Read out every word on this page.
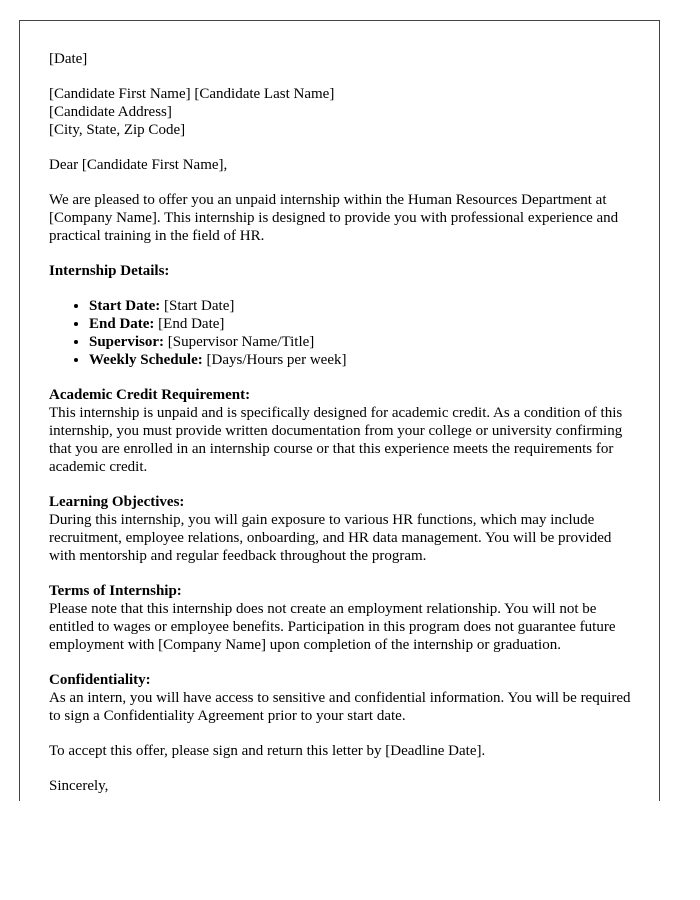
[Date]

[Candidate First Name] [Candidate Last Name]
[Candidate Address]
[City, State, Zip Code]

Dear [Candidate First Name],

We are pleased to offer you an unpaid internship within the Human Resources Department at [Company Name]. This internship is designed to provide you with professional experience and practical training in the field of HR.

Internship Details:

• Start Date: [Start Date]
• End Date: [End Date]
• Supervisor: [Supervisor Name/Title]
• Weekly Schedule: [Days/Hours per week]
Academic Credit Requirement:

This internship is unpaid and is specifically designed for academic credit. As a condition of this internship, you must provide written documentation from your college or university confirming that you are enrolled in an internship course or that this experience meets the requirements for academic credit.

Learning Objectives:

During this internship, you will gain exposure to various HR functions, which may include recruitment, employee relations, onboarding, and HR data management. You will be provided with mentorship and regular feedback throughout the program.

Terms of Internship:

Please note that this internship does not create an employment relationship. You will not be entitled to wages or employee benefits. Participation in this program does not guarantee future employment with [Company Name] upon completion of the internship or graduation.

Confidentiality:

As an intern, you will have access to sensitive and confidential information. You will be required to sign a Confidentiality Agreement prior to your start date.

To accept this offer, please sign and return this letter by [Deadline Date].

Sincerely,
